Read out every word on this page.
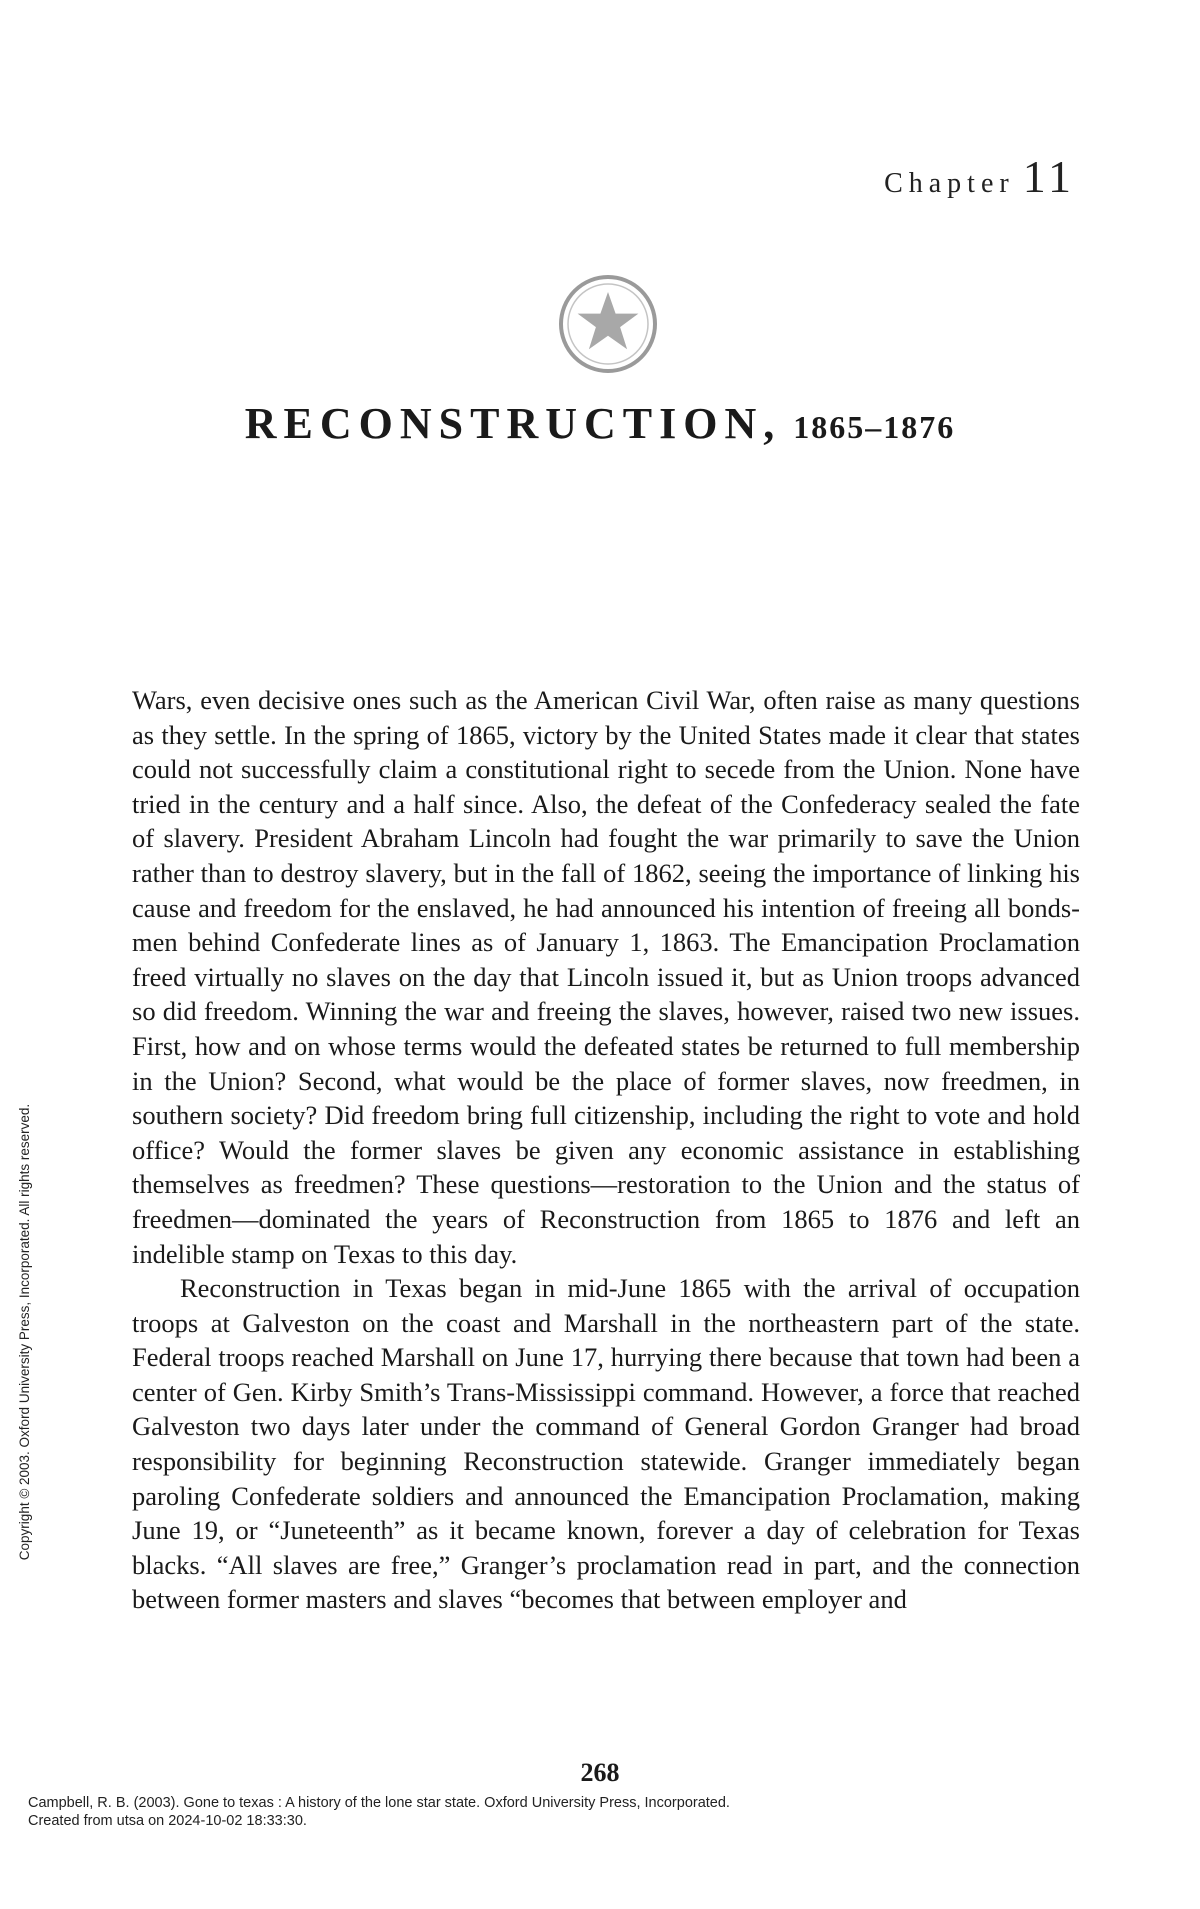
Chapter 11
RECONSTRUCTION, 1865–1876

Wars, even decisive ones such as the American Civil War, often raise as many questions as they settle. In the spring of 1865, victory by the United States made it clear that states could not successfully claim a constitutional right to secede from the Union. None have tried in the century and a half since. Also, the defeat of the Confederacy sealed the fate of slavery. President Abraham Lincoln had fought the war primarily to save the Union rather than to destroy slavery, but in the fall of 1862, seeing the importance of linking his cause and freedom for the enslaved, he had announced his intention of freeing all bondsmen behind Confederate lines as of January 1, 1863. The Emancipation Proclamation freed virtually no slaves on the day that Lincoln issued it, but as Union troops advanced so did freedom. Winning the war and freeing the slaves, however, raised two new issues. First, how and on whose terms would the defeated states be returned to full membership in the Union? Second, what would be the place of former slaves, now freedmen, in southern society? Did freedom bring full citizenship, including the right to vote and hold office? Would the former slaves be given any economic assistance in establishing themselves as freedmen? These questions—restoration to the Union and the status of freedmen—dominated the years of Reconstruction from 1865 to 1876 and left an indelible stamp on Texas to this day.

Reconstruction in Texas began in mid-June 1865 with the arrival of occupation troops at Galveston on the coast and Marshall in the northeastern part of the state. Federal troops reached Marshall on June 17, hurrying there because that town had been a center of Gen. Kirby Smith’s Trans-Mississippi command. However, a force that reached Galveston two days later under the command of General Gordon Granger had broad responsibility for beginning Reconstruction statewide. Granger immediately began paroling Confederate soldiers and announced the Emancipation Proclamation, making June 19, or “Juneteenth” as it became known, forever a day of celebration for Texas blacks. “All slaves are free,” Granger’s proclamation read in part, and the connection between former masters and slaves “becomes that between employer and

Copyright © 2003. Oxford University Press, Incorporated. All rights reserved.
268
Campbell, R. B. (2003). Gone to texas : A history of the lone star state. Oxford University Press, Incorporated.
Created from utsa on 2024-10-02 18:33:30.
